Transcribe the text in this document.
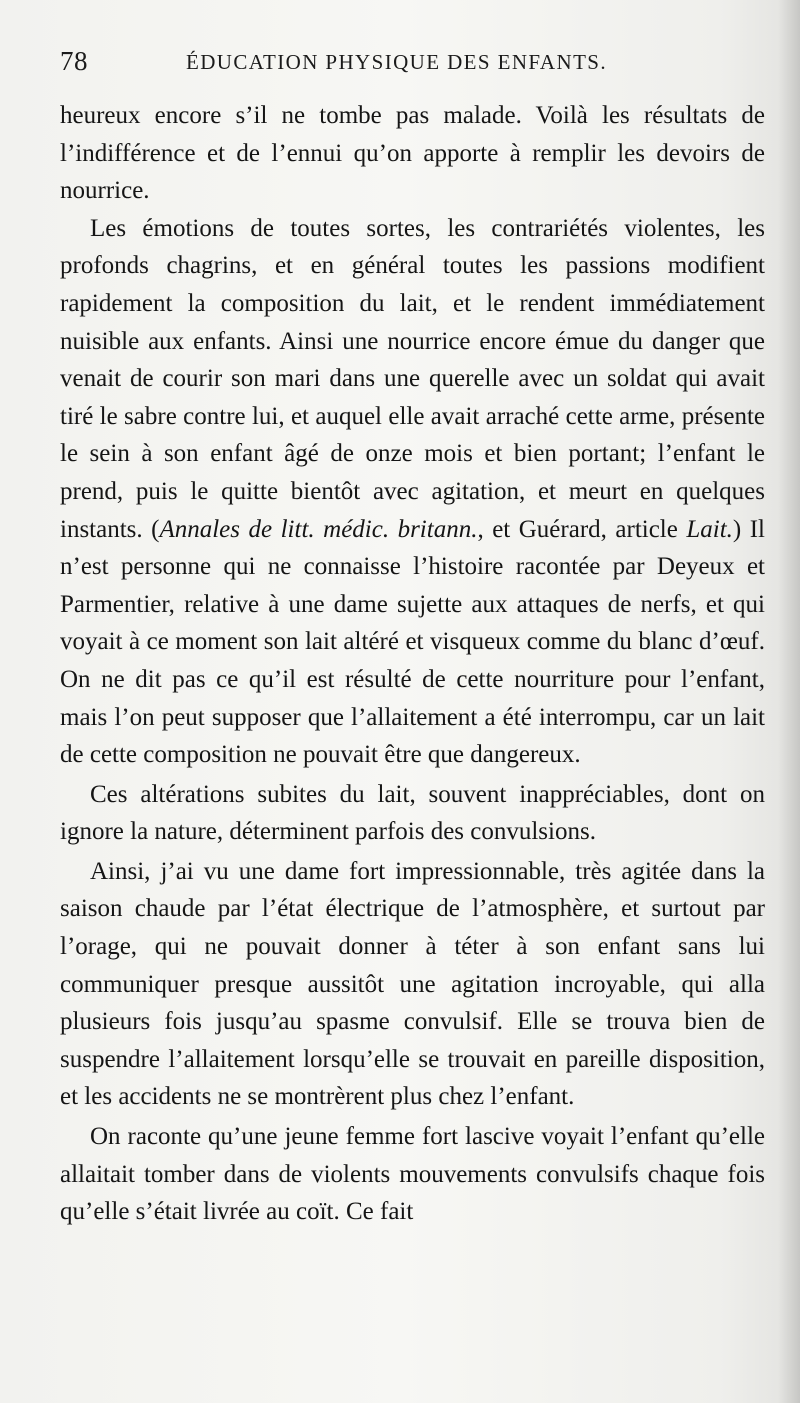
78	ÉDUCATION PHYSIQUE DES ENFANTS.

heureux encore s’il ne tombe pas malade. Voilà les résultats de l’indifférence et de l’ennui qu’on apporte à remplir les devoirs de nourrice.

Les émotions de toutes sortes, les contrariétés violentes, les profonds chagrins, et en général toutes les passions modifient rapidement la composition du lait, et le rendent immédiatement nuisible aux enfants. Ainsi une nourrice encore émue du danger que venait de courir son mari dans une querelle avec un soldat qui avait tiré le sabre contre lui, et auquel elle avait arraché cette arme, présente le sein à son enfant âgé de onze mois et bien portant; l’enfant le prend, puis le quitte bientôt avec agitation, et meurt en quelques instants. (Annales de litt. médic. britann., et Guérard, article Lait.) Il n’est personne qui ne connaisse l’histoire racontée par Deyeux et Parmentier, relative à une dame sujette aux attaques de nerfs, et qui voyait à ce moment son lait altéré et visqueux comme du blanc d’œuf. On ne dit pas ce qu’il est résulté de cette nourriture pour l’enfant, mais l’on peut supposer que l’allaitement a été interrompu, car un lait de cette composition ne pouvait être que dangereux.

Ces altérations subites du lait, souvent inappréciables, dont on ignore la nature, déterminent parfois des convulsions.

Ainsi, j’ai vu une dame fort impressionnable, très agitée dans la saison chaude par l’état électrique de l’atmosphère, et surtout par l’orage, qui ne pouvait donner à téter à son enfant sans lui communiquer presque aussitôt une agitation incroyable, qui alla plusieurs fois jusqu’au spasme convulsif. Elle se trouva bien de suspendre l’allaitement lorsqu’elle se trouvait en pareille disposition, et les accidents ne se montrèrent plus chez l’enfant.

On raconte qu’une jeune femme fort lascive voyait l’enfant qu’elle allaitait tomber dans de violents mouvements convulsifs chaque fois qu’elle s’était livrée au coït. Ce fait
